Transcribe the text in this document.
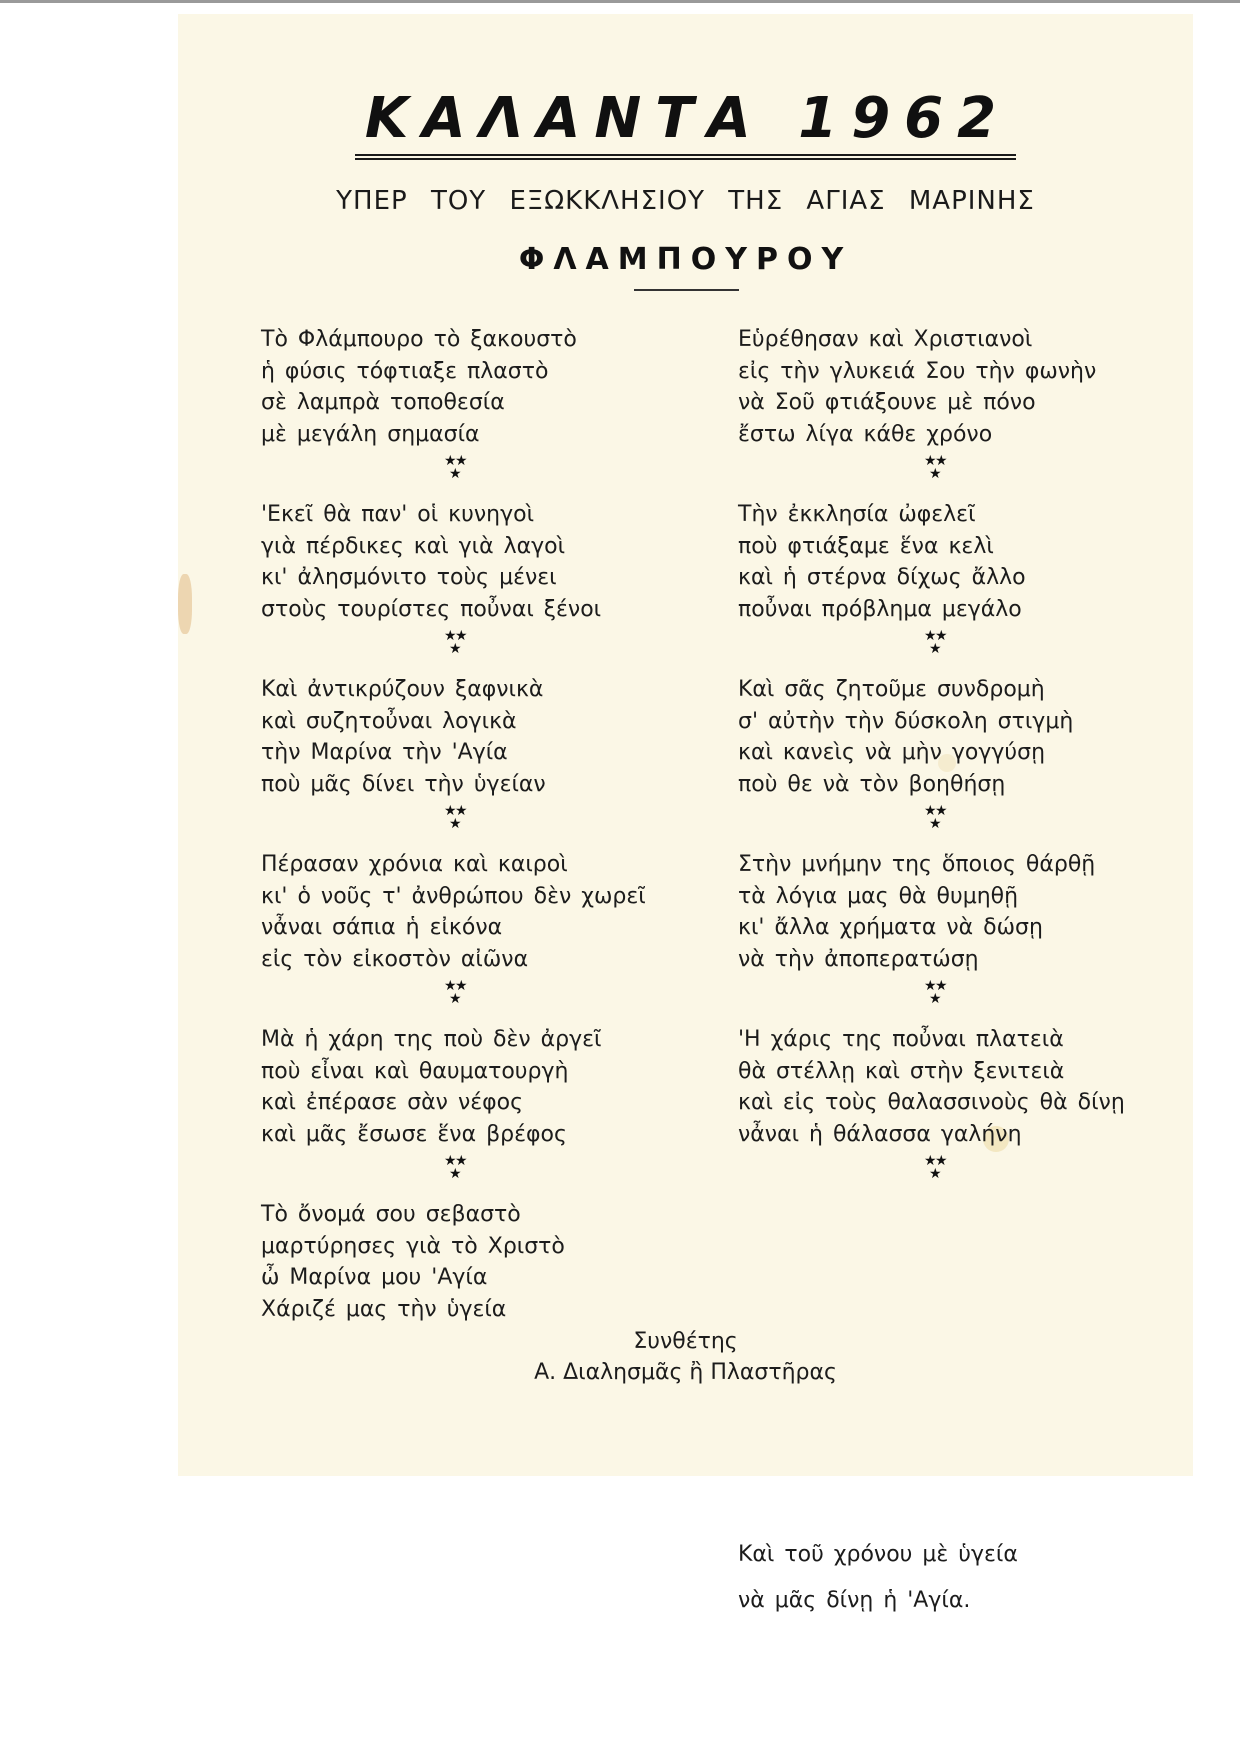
ΚΑΛΑΝΤΑ 1962
ΥΠΕΡ ΤΟΥ ΕΞΩΚΚΛΗΣΙΟΥ ΤΗΣ ΑΓΙΑΣ ΜΑΡΙΝΗΣ
ΦΛΑΜΠΟΥΡΟΥ
Τὸ Φλάμπουρο τὸ ξακουστὸ
ἡ φύσις τόφτιαξε πλαστὸ
σὲ λαμπρὰ τοποθεσία
μὲ μεγάλη σημασία
★
★
★
'Εκεῖ θὰ παν' οἱ κυνηγοὶ
γιὰ πέρδικες καὶ γιὰ λαγοὶ
κι' ἀλησμόνιτο τοὺς μένει
στοὺς τουρίστες ποὖναι ξένοι
★
★
★
Καὶ ἀντικρύζουν ξαφνικὰ
καὶ συζητοὖναι λογικὰ
τὴν Μαρίνα τὴν 'Αγία
ποὺ μᾶς δίνει τὴν ὑγείαν
★
★
★
Πέρασαν χρόνια καὶ καιροὶ
κι' ὁ νοῦς τ' ἀνθρώπου δὲν χωρεῖ
νἆναι σάπια ἡ εἰκόνα
εἰς τὸν εἰκοστὸν αἰῶνα
★
★
★
Μὰ ἡ χάρη της ποὺ δὲν ἀργεῖ
ποὺ εἶναι καὶ θαυματουργὴ
καὶ ἐπέρασε σὰν νέφος
καὶ μᾶς ἔσωσε ἕνα βρέφος
★
★
★
Τὸ ὄνομά σου σεβαστὸ
μαρτύρησες γιὰ τὸ Χριστὸ
ὦ Μαρίνα μου 'Αγία
Χάριζέ μας τὴν ὑγεία
Εὑρέθησαν καὶ Χριστιανοὶ
εἰς τὴν γλυκειά Σου τὴν φωνὴν
νὰ Σοῦ φτιάξουνε μὲ πόνο
ἔστω λίγα κάθε χρόνο
★
★
★
Τὴν ἐκκλησία ὠφελεῖ
ποὺ φτιάξαμε ἕνα κελὶ
καὶ ἡ στέρνα δίχως ἄλλο
ποὖναι πρόβλημα μεγάλο
★
★
★
Καὶ σᾶς ζητοῦμε συνδρομὴ
σ' αὐτὴν τὴν δύσκολη στιγμὴ
καὶ κανεὶς νὰ μὴν γογγύσῃ
ποὺ θε νὰ τὸν βοηθήσῃ
★
★
★
Στὴν μνήμην της ὅποιος θάρθῇ
τὰ λόγια μας θὰ θυμηθῇ
κι' ἄλλα χρήματα νὰ δώσῃ
νὰ τὴν ἀποπερατώσῃ
★
★
★
'Η χάρις της ποὖναι πλατειὰ
θὰ στέλλῃ καὶ στὴν ξενιτειὰ
καὶ εἰς τοὺς θαλασσινοὺς θὰ δίνῃ
νἆναι ἡ θάλασσα γαλήνη
★
★
★
Καὶ τοῦ χρόνου μὲ ὑγεία
νὰ μᾶς δίνῃ ἡ 'Αγία.
Συνθέτης
Α. Διαλησμᾶς ἢ Πλαστῆρας
